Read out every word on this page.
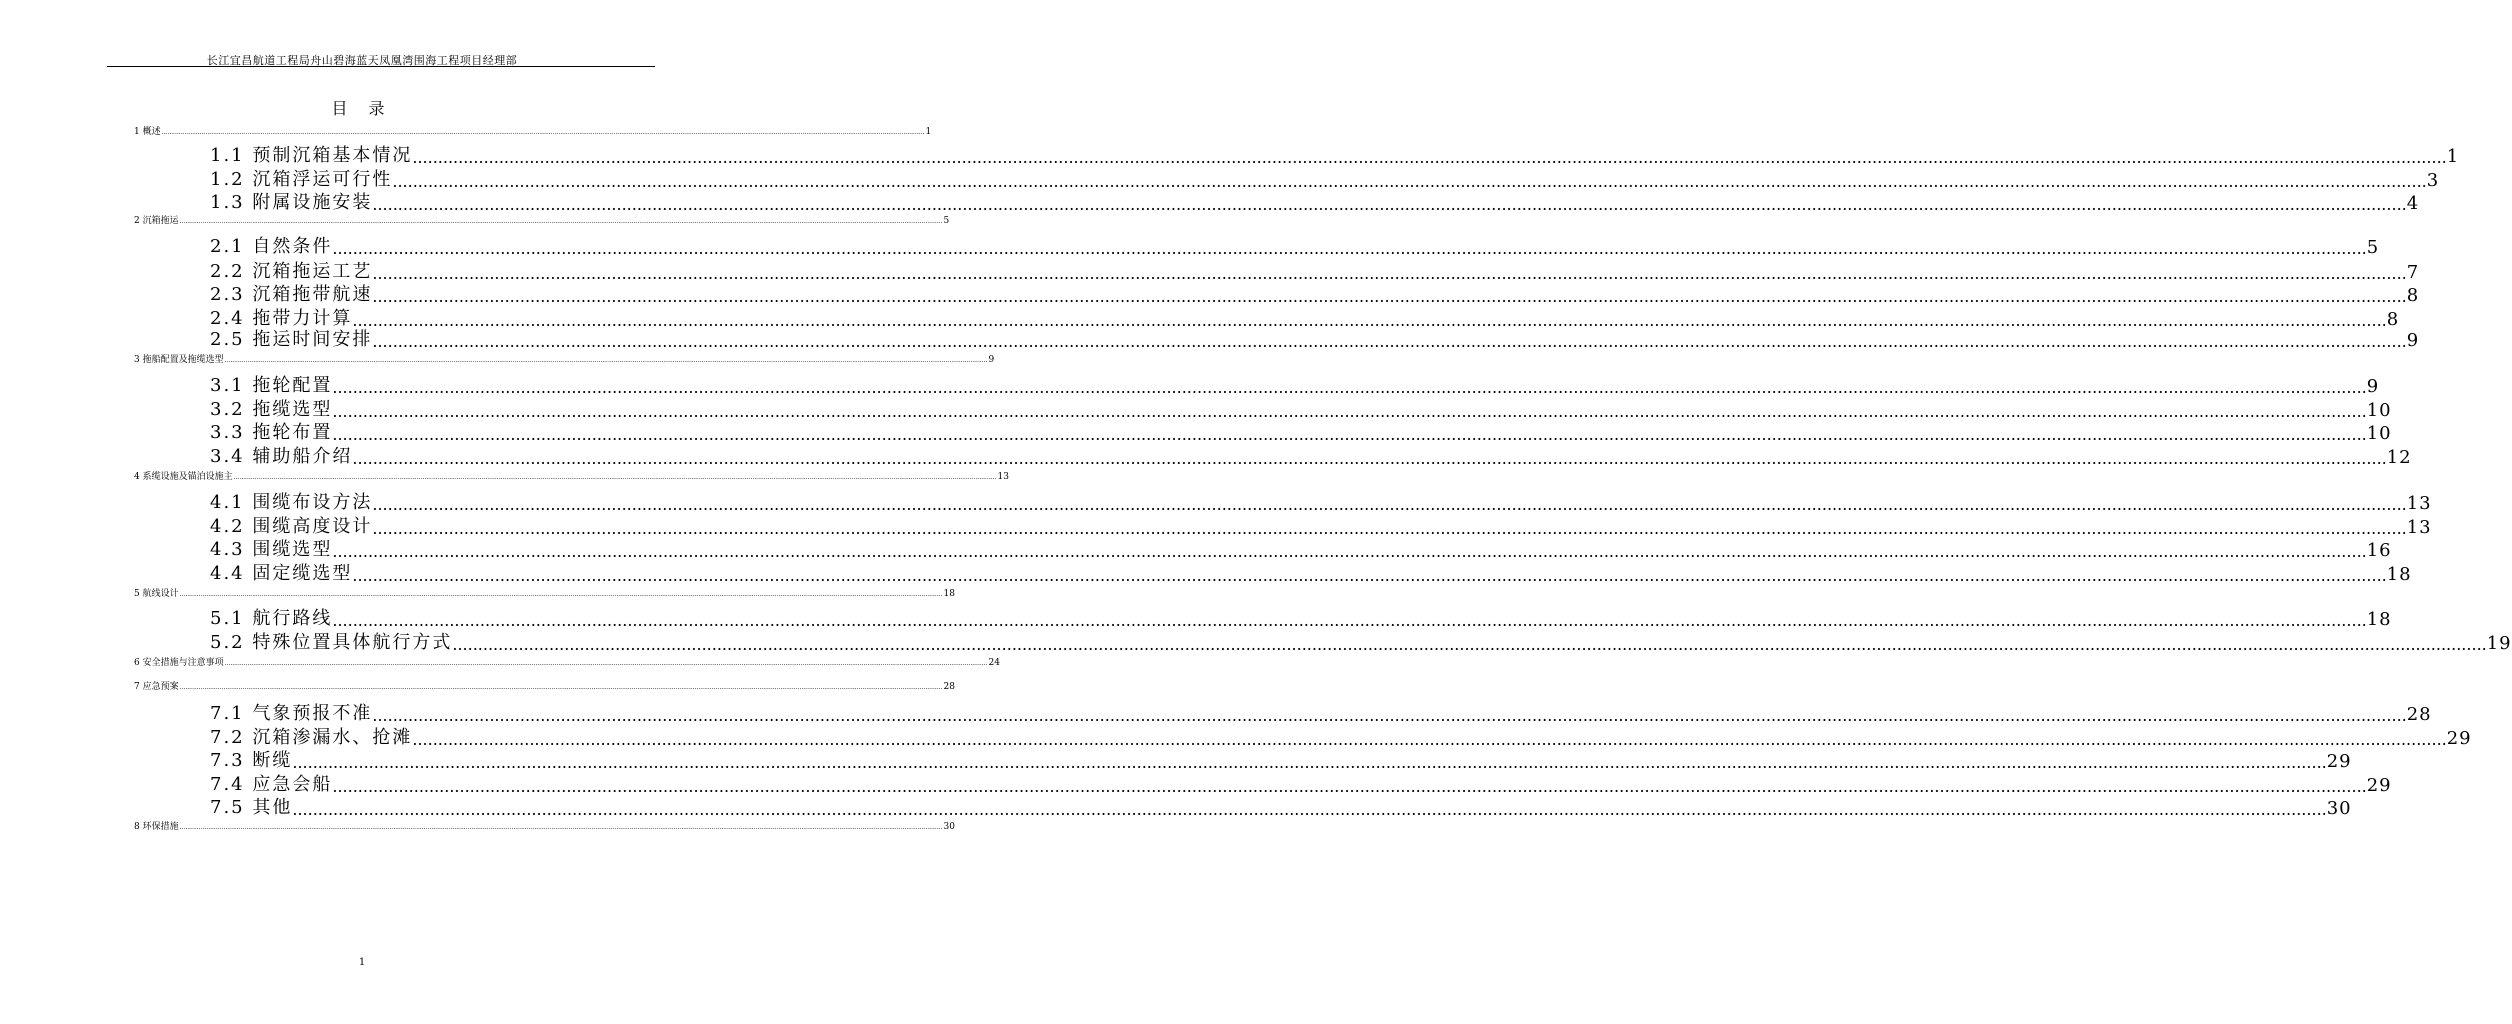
长江宜昌航道工程局舟山碧海蓝天凤凰湾围海工程项目经理部
目 录
1 概述 ................................................................................................................................................................................................................................................................................................................................................................................................................ 1
1.1 预制沉箱基本情况 ................................................................................................................................................................................................................................................................................................................................................................................................................ 1
1.2 沉箱浮运可行性 ................................................................................................................................................................................................................................................................................................................................................................................................................ 3
1.3 附属设施安装 ................................................................................................................................................................................................................................................................................................................................................................................................................ 4
2 沉箱拖运 ................................................................................................................................................................................................................................................................................................................................................................................................................ 5
2.1 自然条件 ................................................................................................................................................................................................................................................................................................................................................................................................................ 5
2.2 沉箱拖运工艺 ................................................................................................................................................................................................................................................................................................................................................................................................................ 7
2.3 沉箱拖带航速 ................................................................................................................................................................................................................................................................................................................................................................................................................ 8
2.4 拖带力计算 ................................................................................................................................................................................................................................................................................................................................................................................................................ 8
2.5 拖运时间安排 ................................................................................................................................................................................................................................................................................................................................................................................................................ 9
3 拖船配置及拖缆选型 ................................................................................................................................................................................................................................................................................................................................................................................................................ 9
3.1 拖轮配置 ................................................................................................................................................................................................................................................................................................................................................................................................................ 9
3.2 拖缆选型 ................................................................................................................................................................................................................................................................................................................................................................................................................ 10
3.3 拖轮布置 ................................................................................................................................................................................................................................................................................................................................................................................................................ 10
3.4 辅助船介绍 ................................................................................................................................................................................................................................................................................................................................................................................................................ 12
4 系缆设施及锚泊设施主 ................................................................................................................................................................................................................................................................................................................................................................................................................ 13
4.1 围缆布设方法 ................................................................................................................................................................................................................................................................................................................................................................................................................ 13
4.2 围缆高度设计 ................................................................................................................................................................................................................................................................................................................................................................................................................ 13
4.3 围缆选型 ................................................................................................................................................................................................................................................................................................................................................................................................................ 16
4.4 固定缆选型 ................................................................................................................................................................................................................................................................................................................................................................................................................ 18
5 航线设计 ................................................................................................................................................................................................................................................................................................................................................................................................................ 18
5.1 航行路线 ................................................................................................................................................................................................................................................................................................................................................................................................................ 18
5.2 特殊位置具体航行方式 ................................................................................................................................................................................................................................................................................................................................................................................................................ 19
6 安全措施与注意事项 ................................................................................................................................................................................................................................................................................................................................................................................................................ 24
7 应急预案 ................................................................................................................................................................................................................................................................................................................................................................................................................ 28
7.1 气象预报不准 ................................................................................................................................................................................................................................................................................................................................................................................................................ 28
7.2 沉箱渗漏水、抢滩 ................................................................................................................................................................................................................................................................................................................................................................................................................ 29
7.3 断缆 ................................................................................................................................................................................................................................................................................................................................................................................................................ 29
7.4 应急会船 ................................................................................................................................................................................................................................................................................................................................................................................................................ 29
7.5 其他 ................................................................................................................................................................................................................................................................................................................................................................................................................ 30
8 环保措施 ................................................................................................................................................................................................................................................................................................................................................................................................................ 30
1
